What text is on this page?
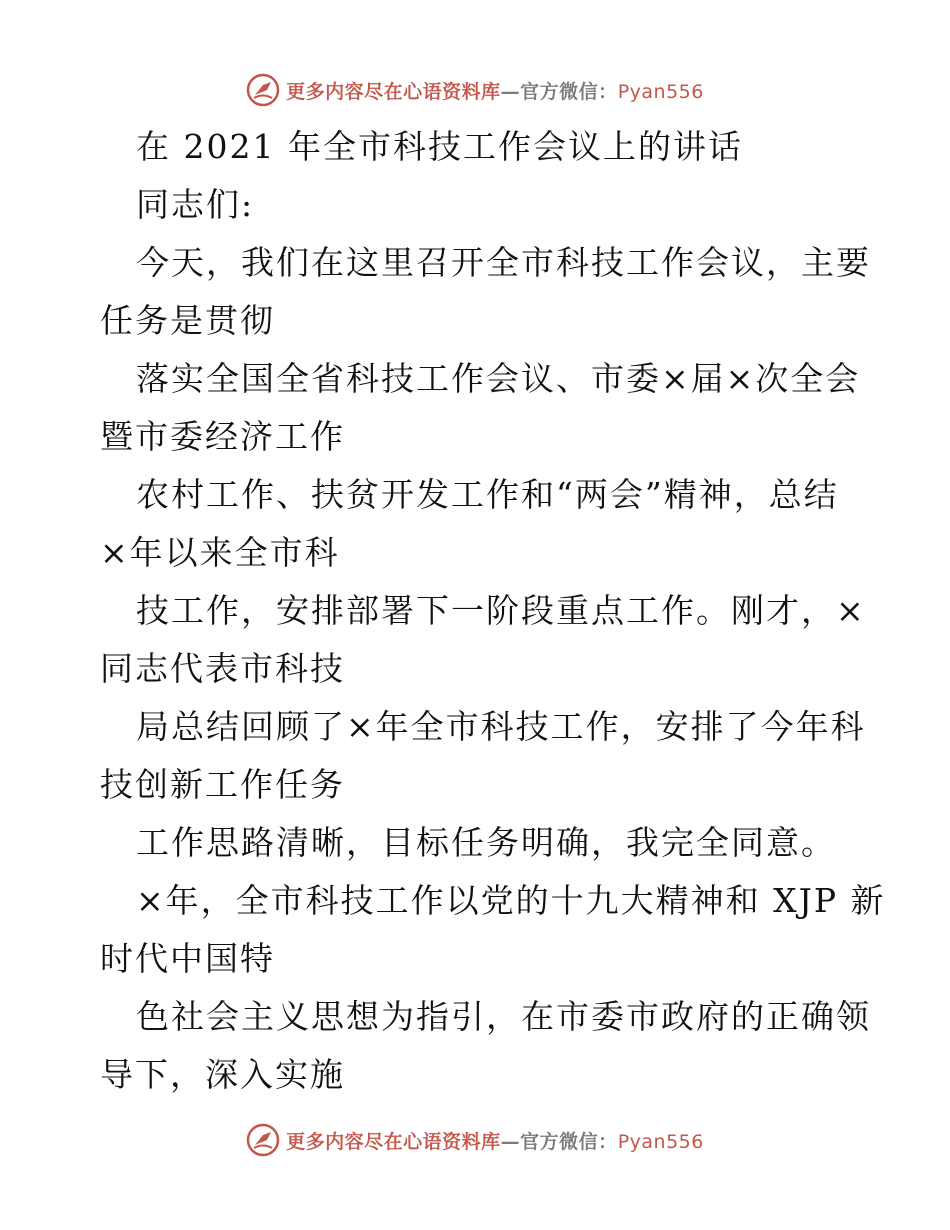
更多内容尽在心语资料库—官方微信：Pyan556
在 2021 年全市科技工作会议上的讲话
同志们:
今天，我们在这里召开全市科技工作会议，主要
任务是贯彻
落实全国全省科技工作会议、市委×届×次全会
暨市委经济工作
农村工作、扶贫开发工作和“两会”精神，总结
×年以来全市科
技工作，安排部署下一阶段重点工作。刚才，×
同志代表市科技
局总结回顾了×年全市科技工作，安排了今年科
技创新工作任务
工作思路清晰，目标任务明确，我完全同意。
×年，全市科技工作以党的十九大精神和 XJP 新
时代中国特
色社会主义思想为指引，在市委市政府的正确领
导下，深入实施
更多内容尽在心语资料库—官方微信：Pyan556
